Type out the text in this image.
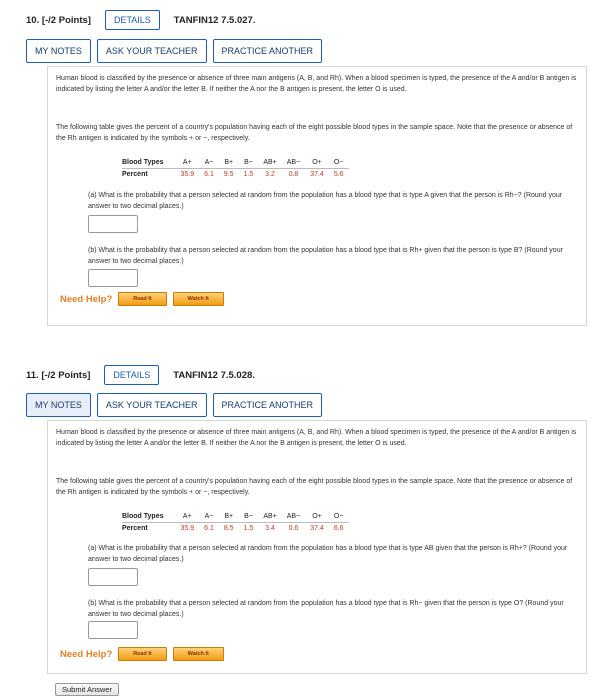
10. [-/2 Points]	DETAILS	TANFIN12 7.5.027.
MY NOTES	ASK YOUR TEACHER	PRACTICE ANOTHER
Human blood is classified by the presence or absence of three main antigens (A, B, and Rh). When a blood specimen is typed, the presence of the A and/or B antigen is indicated by listing the letter A and/or the letter B. If neither the A nor the B antigen is present, the letter O is used.
The following table gives the percent of a country's population having each of the eight possible blood types in the sample space. Note that the presence or absence of the Rh antigen is indicated by the symbols + or −, respectively.
Blood Types	A+	A−	B+	B−	AB+	AB−	O+	O−
Percent	35.9	6.1	9.5	1.5	3.2	0.8	37.4	5.6
(a) What is the probability that a person selected at random from the population has a blood type that is type A given that the person is Rh−? (Round your answer to two decimal places.)
(b) What is the probability that a person selected at random from the population has a blood type that is Rh+ given that the person is type B? (Round your answer to two decimal places.)
Need Help?	Read It	Watch It
11. [-/2 Points]	DETAILS	TANFIN12 7.5.028.
MY NOTES	ASK YOUR TEACHER	PRACTICE ANOTHER
Human blood is classified by the presence or absence of three main antigens (A, B, and Rh). When a blood specimen is typed, the presence of the A and/or B antigen is indicated by listing the letter A and/or the letter B. If neither the A nor the B antigen is present, the letter O is used.
The following table gives the percent of a country's population having each of the eight possible blood types in the sample space. Note that the presence or absence of the Rh antigen is indicated by the symbols + or −, respectively.
Blood Types	A+	A−	B+	B−	AB+	AB−	O+	O−
Percent	35.9	6.1	8.5	1.5	3.4	0.6	37.4	6.6
(a) What is the probability that a person selected at random from the population has a blood type that is type AB given that the person is Rh+? (Round your answer to two decimal places.)
(b) What is the probability that a person selected at random from the population has a blood type that is Rh− given that the person is type O? (Round your answer to two decimal places.)
Need Help?	Read It	Watch It
Submit Answer
